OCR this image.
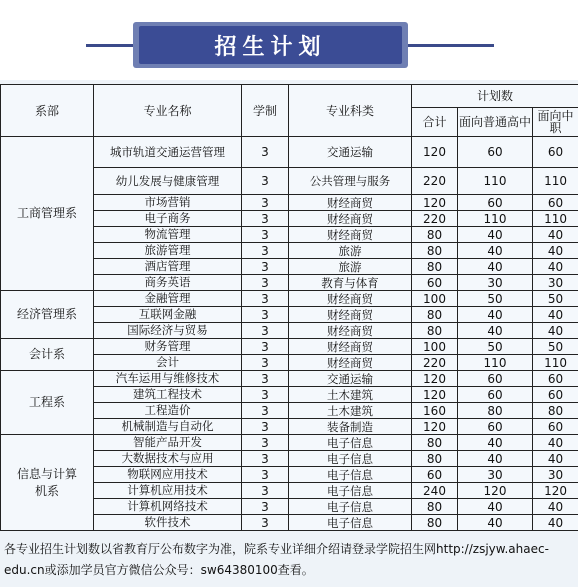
招生计划
系部	专业名称	学制	专业科类	计划数		
				合计	面向普通高中	面向中职
工商管理系	城市轨道交通运营管理	3	交通运输	120	60	60
	幼儿发展与健康管理	3	公共管理与服务	220	110	110
	市场营销	3	财经商贸	120	60	60
	电子商务	3	财经商贸	220	110	110
	物流管理	3	财经商贸	80	40	40
	旅游管理	3	旅游	80	40	40
	酒店管理	3	旅游	80	40	40
	商务英语	3	教育与体育	60	30	30
经济管理系	金融管理	3	财经商贸	100	50	50
	互联网金融	3	财经商贸	80	40	40
	国际经济与贸易	3	财经商贸	80	40	40
会计系	财务管理	3	财经商贸	100	50	50
	会计	3	财经商贸	220	110	110
工程系	汽车运用与维修技术	3	交通运输	120	60	60
	建筑工程技术	3	土木建筑	120	60	60
	工程造价	3	土木建筑	160	80	80
	机械制造与自动化	3	装备制造	120	60	60
信息与计算机系	智能产品开发	3	电子信息	80	40	40
	大数据技术与应用	3	电子信息	80	40	40
	物联网应用技术	3	电子信息	60	30	30
	计算机应用技术	3	电子信息	240	120	120
	计算机网络技术	3	电子信息	80	40	40
	软件技术	3	电子信息	80	40	40
各专业招生计划数以省教育厅公布数字为准，院系专业详细介绍请登录学院招生网http://zsjyw.ahaec-edu.cn或添加学员官方微信公众号：sw64380100查看。
